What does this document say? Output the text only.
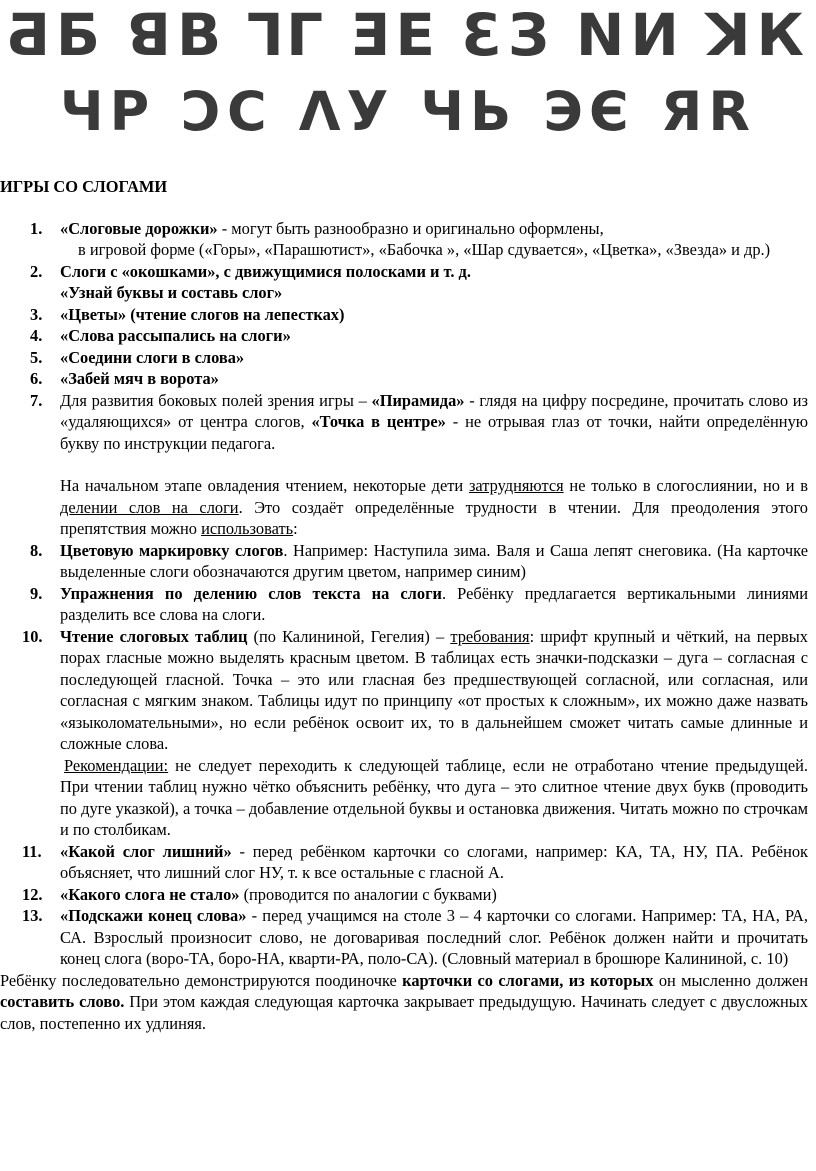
ƋБ ꓭВ ꓶГ ƎЕ ƐЗ NИ ꓘК
ЧР ƆС ꓥУ ЧЬ ЭЄ ЯR
ИГРЫ СО СЛОГАМИ
1. «Слоговые дорожки» - могут быть разнообразно и оригинально оформлены,
в игровой форме («Горы», «Парашютист», «Бабочка », «Шар сдувается», «Цветка», «Звезда» и др.)
2. Слоги с «окошками», с движущимися полосками и т. д.
«Узнай буквы и составь слог»
3. «Цветы» (чтение слогов на лепестках)
4. «Слова рассыпались на слоги»
5. «Соедини слоги в слова»
6. «Забей мяч в ворота»
7. Для развития боковых полей зрения игры – «Пирамида» - глядя на цифру посредине, прочитать слово из «удаляющихся» от центра слогов, «Точка в центре» - не отрывая глаз от точки, найти определённую букву по инструкции педагога.
На начальном этапе овладения чтением, некоторые дети затрудняются не только в слогослиянии, но и в делении слов на слоги. Это создаёт определённые трудности в чтении. Для преодоления этого препятствия можно использовать:
8. Цветовую маркировку слогов. Например: Наступила зима. Валя и Саша лепят снеговика. (На карточке выделенные слоги обозначаются другим цветом, например синим)
9. Упражнения по делению слов текста на слоги. Ребёнку предлагается вертикальными линиями разделить все слова на слоги.
10. Чтение слоговых таблиц (по Калининой, Гегелия) – требования: шрифт крупный и чёткий, на первых порах гласные можно выделять красным цветом. В таблицах есть значки-подсказки – дуга – согласная с последующей гласной. Точка – это или гласная без предшествующей согласной, или согласная, или согласная с мягким знаком. Таблицы идут по принципу «от простых к сложным», их можно даже назвать «языколомательными», но если ребёнок освоит их, то в дальнейшем сможет читать самые длинные и сложные слова.
Рекомендации: не следует переходить к следующей таблице, если не отработано чтение предыдущей. При чтении таблиц нужно чётко объяснить ребёнку, что дуга – это слитное чтение двух букв (проводить по дуге указкой), а точка – добавление отдельной буквы и остановка движения. Читать можно по строчкам и по столбикам.
11. «Какой слог лишний» - перед ребёнком карточки со слогами, например: КА, ТА, НУ, ПА. Ребёнок объясняет, что лишний слог НУ, т. к все остальные с гласной А.
12. «Какого слога не стало» (проводится по аналогии с буквами)
13. «Подскажи конец слова» - перед учащимся на столе 3 – 4 карточки со слогами. Например: ТА, НА, РА, СА. Взрослый произносит слово, не договаривая последний слог. Ребёнок должен найти и прочитать конец слога (воро-ТА, боро-НА, кварти-РА, поло-СА). (Словный материал в брошюре Калининой, с. 10)
Ребёнку последовательно демонстрируются поодиночке карточки со слогами, из которых он мысленно должен составить слово. При этом каждая следующая карточка закрывает предыдущую. Начинать следует с двусложных слов, постепенно их удлиняя.
